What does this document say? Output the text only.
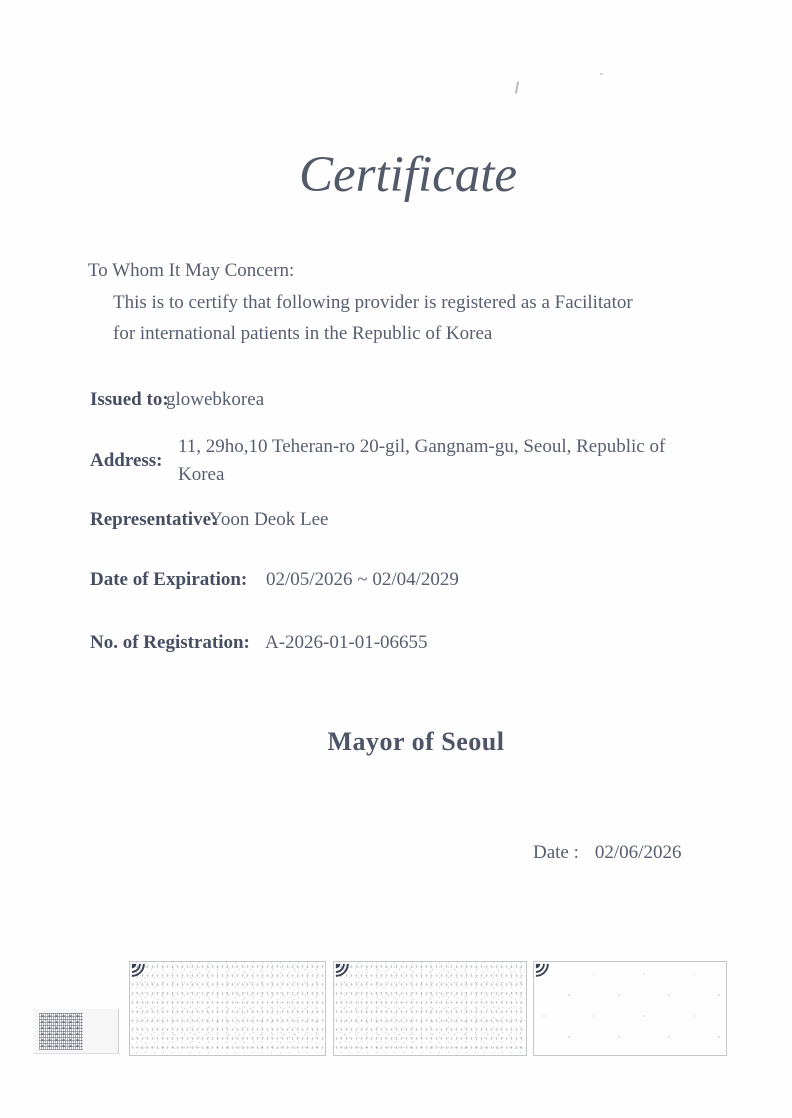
Certificate

To Whom It May Concern:

This is to certify that following provider is registered as a Facilitator

for international patients in the Republic of Korea

Issued to:

glowebkorea

Address:

11, 29ho,10 Teheran-ro 20-gil, Gangnam-gu, Seoul, Republic of

Korea

Representative:

Yoon Deok Lee

Date of Expiration: 02/05/2026 ~ 02/04/2029

No. of Registration: A-2026-01-01-06655

Mayor of Seoul

Date : 02/06/2026
